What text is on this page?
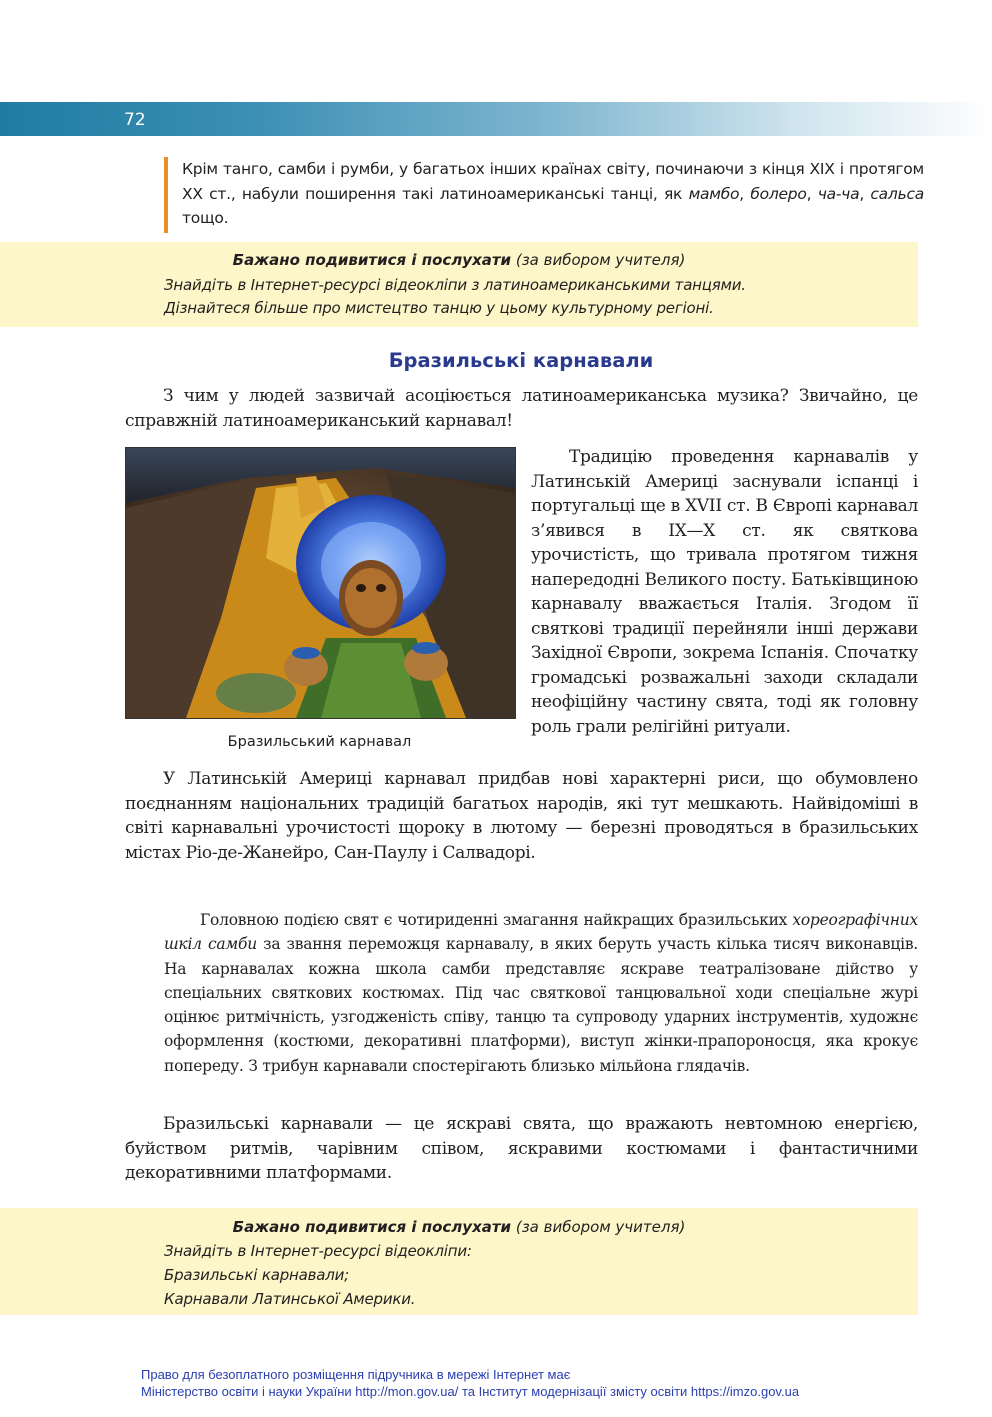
72

Крім танго, самби і румби, у багатьох інших країнах світу, починаючи з кінця XIX і протягом XX ст., набули поширення такі латиноамериканські танці, як мамбо, болеро, ча-ча, сальса тощо.

Бажано подивитися і послухати (за вибором учителя)
Знайдіть в Інтернет-ресурсі відеокліпи з латиноамериканськими танцями.
Дізнайтеся більше про мистецтво танцю у цьому культурному регіоні.
Бразильські карнавали

З чим у людей зазвичай асоціюється латиноамериканська музика? Звичайно, це справжній латиноамериканський карнавал!

Бразильський карнавал

Традицію проведення карнавалів у Латинській Америці заснували іспанці і португальці ще в XVII ст. В Європі карнавал з’явився в IX—X ст. як святкова урочистість, що тривала протягом тижня напередодні Великого посту. Батьківщиною карнавалу вважається Італія. Згодом її святкові традиції перейняли інші держави Західної Європи, зокрема Іспанія. Спочатку громадські розважальні заходи складали неофіційну частину свята, тоді як головну роль грали релігійні ритуали.

У Латинській Америці карнавал придбав нові характерні риси, що обумовлено поєднанням національних традицій багатьох народів, які тут мешкають. Найвідоміші в світі карнавальні урочистості щороку в лютому — березні проводяться в бразильських містах Ріо-де-Жанейро, Сан-Паулу і Салвадорі.

Головною подією свят є чотириденні змагання найкращих бразильських хореографічних шкіл самби за звання переможця карнавалу, в яких беруть участь кілька тисяч виконавців. На карнавалах кожна школа самби представляє яскраве театралізоване дійство у спеціальних святкових костюмах. Під час святкової танцювальної ходи спеціальне журі оцінює ритмічність, узгодженість співу, танцю та супроводу ударних інструментів, художнє оформлення (костюми, декоративні платформи), виступ жінки-прапороносця, яка крокує попереду. З трибун карнавали спостерігають близько мільйона глядачів.

Бразильські карнавали — це яскраві свята, що вражають невтомною енергією, буйством ритмів, чарівним співом, яскравими костюмами і фантастичними декоративними платформами.

Бажано подивитися і послухати (за вибором учителя)
Знайдіть в Інтернет-ресурсі відеокліпи:
Бразильські карнавали;
Карнавали Латинської Америки.
Право для безоплатного розміщення підручника в мережі Інтернет має
Міністерство освіти і науки України http://mon.gov.ua/ та Інститут модернізації змісту освіти https://imzo.gov.ua
